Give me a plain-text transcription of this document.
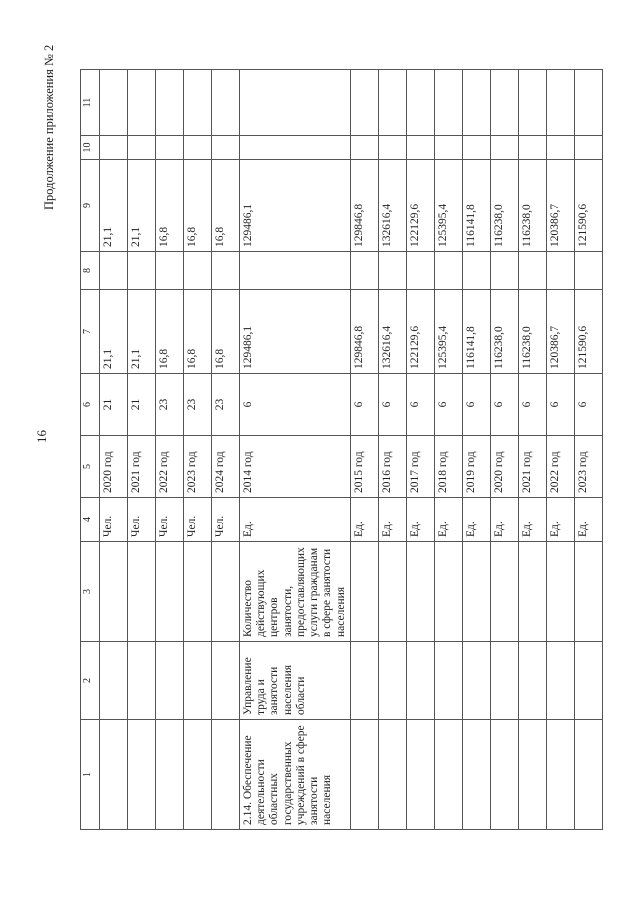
16
Продолжение приложения № 2
1	2	3	4	5	6	7	8	9	10	11
			Чел.	2020 год	21	21,1		21,1		
			Чел.	2021 год	21	21,1		21,1		
			Чел.	2022 год	23	16,8		16,8		
			Чел.	2023 год	23	16,8		16,8		
			Чел.	2024 год	23	16,8		16,8		
2.14. Обеспечение деятельности областных государственных учреждений в сфере занятости населения	Управление труда и занятости населения области	Количество действующих центров занятости, предоставляющих услуги гражданам в сфере занятости населения	Ед.	2014 год	6	129486,1		129486,1		
			Ед.	2015 год	6	129846,8		129846,8		
			Ед.	2016 год	6	132616,4		132616,4		
			Ед.	2017 год	6	122129,6		122129,6		
			Ед.	2018 год	6	125395,4		125395,4		
			Ед.	2019 год	6	116141,8		116141,8		
			Ед.	2020 год	6	116238,0		116238,0		
			Ед.	2021 год	6	116238,0		116238,0		
			Ед.	2022 год	6	120386,7		120386,7		
			Ед.	2023 год	6	121590,6		121590,6		
